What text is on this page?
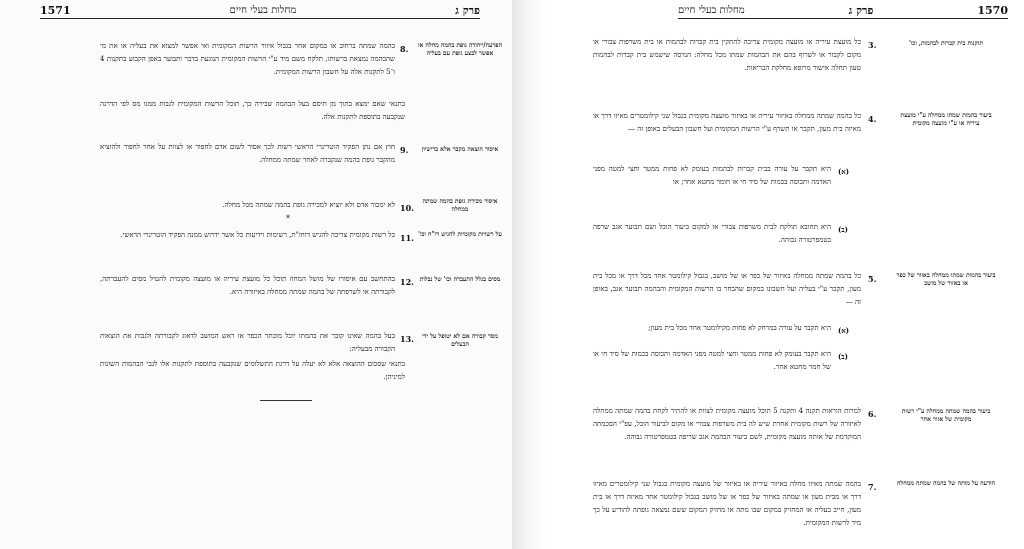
1571	מחלות בעלי חיים	פרק ג
8.
בהמה שמתה ברחוב או במקום אחר בגבול איזור הרשות המקומית ואי אפשר למצוא את בעליה או את מי שהבהמה נמצאת ברשותו, תלקח משם מיד ע"י הרשות המקומית הנוגעת בדבר ותבוער באפן הקבוע בתקנות 4 ו־5 לתקנות אלה על חשבון הרשות המקומית.
הפרעה/ייהודה גופת בהמה מחלה או אפשר לבצע גופת עם בעליה
בתנאי שאם ימצא בתוך מן תיסם בעל הבהמה שבירה כך, תוכל הרשות המקומית לגבות ממנו מס לפי הדרגה שנקבעה בתוספת לתקנות אלה.
9.
חוץ אם נתן הפקיד הוטרינרי הראשי רשות לכך אסור לשום אדם לחפור או לצוות על אחר לחפור ולהוציא מהקבר גופת בהמה שנקברה לאחר שמתה ממחלה.
איסור הוצאה מקבר אלא ברישיון
10.
לא ימכור אדם ולא יוציא למכירה גופת בהמה שמתה מכל מחלה.	איסור מכירת גופת בהמה שמתה ממחלה
*
11.
כל רשות מקומית צריכה להגיש דוחו"ת, רשימות וידיעות כל אשר ידרוש ממנה הפקיד הוטרינרי הראשי.	על רשויות מקומיות להגיש דו"ח וכו'
12.
בהתחשב עם איסורו של מושל המחוז תוכל כל מועצת עיריה או מועצה מקומית להטיל מסים להעברתה, לקבורתה או לשרפתה של בהמה שמתה ממחלה באיזורה היא.
מסים בגלל התעברה וכו' של נבלות
13.
בעל בהמה שאינו קובר את בהמתו יוכל מוכתר הכפר או ראש המושב לדאוג לקבורתה ולגבות את הוצאות הקבורה מבעליה:
מסר קבורה אם לא יטופל על ידי הבעלים
בתנאי שסכום ההוצאה אלא לא יעלה על דרגת התשלומים שנקבעה בתוספת לתקנות אלו לגבי הבהמות השונות למיניהן.
מחלות בעלי חיים	פרק ג	1570
3.
כל מועצת עיריה או מועצה מקומית צריכה להתקין בית קברות לבהמות או בית משרפות צבורי או מקום לקבור או לשרוף בהם את הבהמות שמתו מכל מחלה: הנדסה שישמש בית קברות לבהמות טעון תחלה אישור מרופא מחלקת הבריאות.
תוקנות בית קברות לבהמות, וכו'
4.
כל בהמה שמתה ממחלה באיזור עיריה או באיזור מועצה מקומית בגבול שני קילומטרים מאיזו דרך או מאיזה בית מעון, תקבר או תשרף ע"י הרשות המקומית ועל חשבון הבעלים באופן זה —
ביעור בהמות שמתו ממחלה ע"י מועצת עיריה או ע"י מועצה מקומית
(א)
היא תקבר על עורה בבית קברות לבהמות בעומק לא פחות ממטר וחצי למטה מפני האדמה ותכוסה בכמות של סיד חי או חומר מחטא אחר; או
(ב)
היא תחובא תולקח לבית משרפות צבורי או למקום ביעור הובל ושם תבוער אגב שרפה בטמפרטורה גבוהה.
5.
כל בהמה שמתה ממחלה באיזור של כפר או של מושב, בגבול קילומטר אחד מכל דרך או מכל בית מעון, תקבר ע"י בעליה ועל חשבונו במקום שהבחר בו הרשות המקומית והבהמה תבוער אגב, באופן זה —
ביעור בהמות שמתו ממחלה באזור של כפר או באזור של מושב
(א)
היא תקבר על עורה במרחק לא פחות מקילומטר אחד מכל בית מעון;
(ב)
היא תקבר בעומק לא פחות ממטר וחצי למטה מפני האדמה ותכוסה בכמות של סיד חי או של חמר מחטא אחר.
6.
למרות הוראות תקנה 4 ותקנה 5 תוכל מועצה מקומית לצוות או להתיר לקחת בהמה שמתה ממחלה לאיזורה של רשות מקומית אחרת שיש לה בית משרפות צבורי או מקום לביעור הובל, עפ"י הסכמתה המוקדמת של אותה מועצה מקומית, לשם ביעור הבהמה אגב שריפה בטמפרטורה גבוהה.
ביעור בהמה שמתה ממחלה ע"י רשות מקומית של אזור אחר
7.
בהמה שמתה מאיזו מחלה באיזור עיריה או באיזור של מועצה מקומית בגבול שני קילומטרים מאיזו דרך או מבית מעון או שמתה באיזור של כפר או של מושב בגבול קילומטר אחד מאיזה דרך או בית מעון, חייב בעליה או המחזיק במקום שבו מתה או מחזיק המקום ששם נמצאה גופתה להודיע על כך מיד לרשות המקומית.
הודעה על מותה של בהמה שמתה ממחלה
